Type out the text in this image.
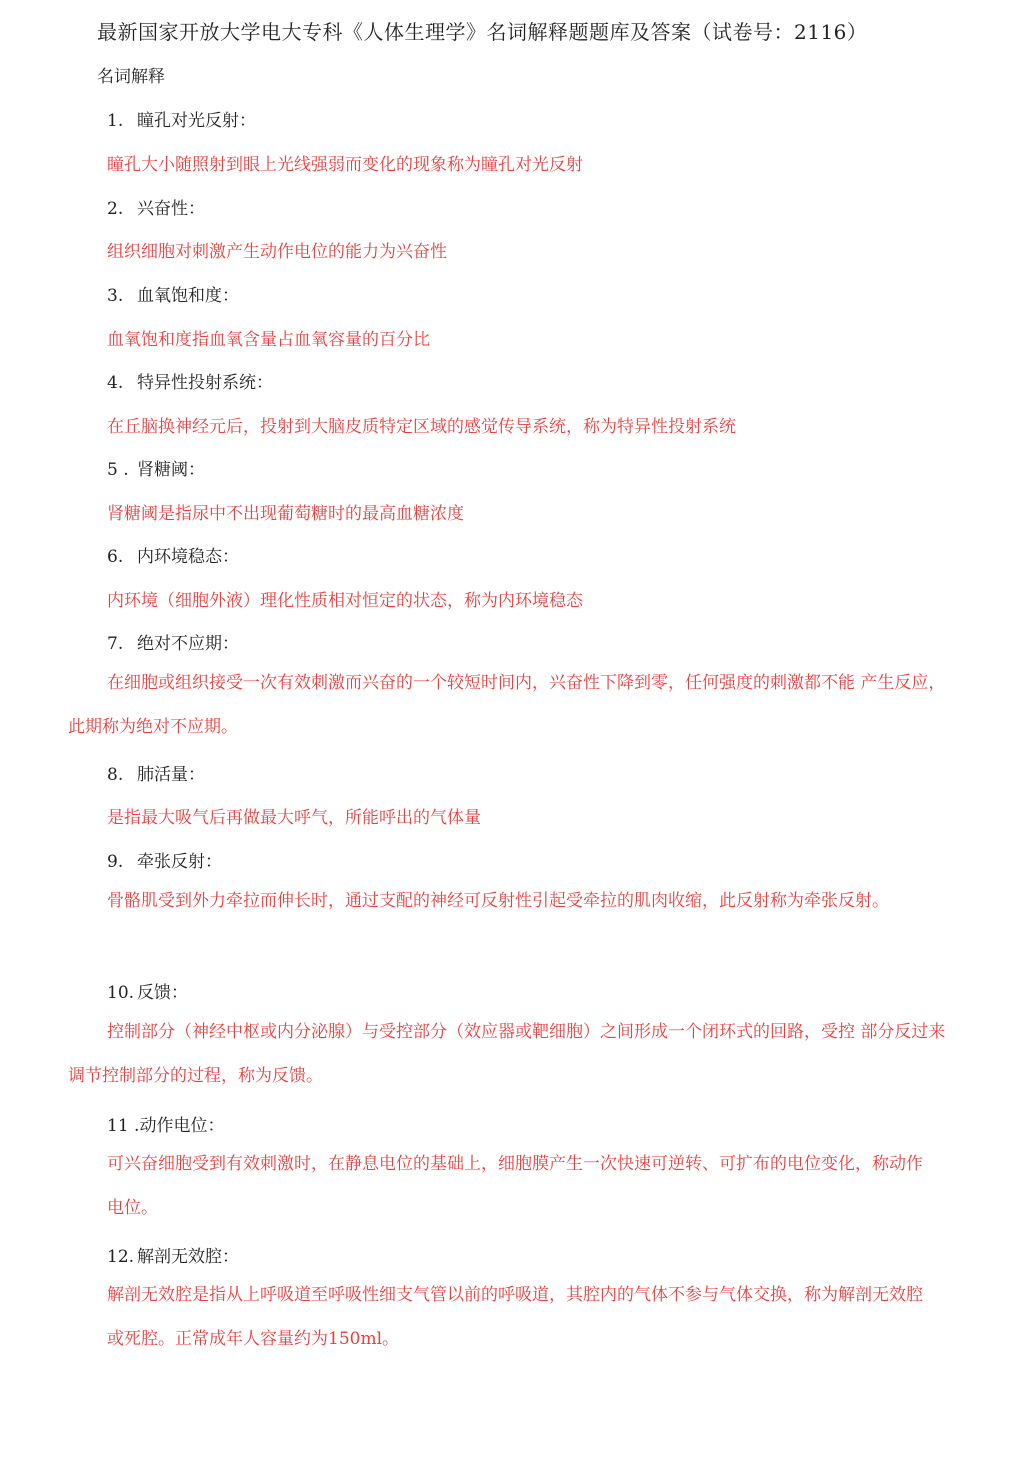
最新国家开放大学电大专科《人体生理学》名词解释题题库及答案（试卷号：2116）
名词解释
1. 瞳孔对光反射：
瞳孔大小随照射到眼上光线强弱而变化的现象称为瞳孔对光反射
2. 兴奋性：
组织细胞对刺激产生动作电位的能力为兴奋性
3. 血氧饱和度：
血氧饱和度指血氧含量占血氧容量的百分比
4. 特异性投射系统：
在丘脑换神经元后，投射到大脑皮质特定区域的感觉传导系统，称为特异性投射系统
5 . 肾糖阈：
肾糖阈是指尿中不出现葡萄糖时的最高血糖浓度
6. 内环境稳态：
内环境（细胞外液）理化性质相对恒定的状态，称为内环境稳态
7. 绝对不应期：
在细胞或组织接受一次有效刺激而兴奋的一个较短时间内，兴奋性下降到零，任何强度的刺激都不能 产生反应，此期称为绝对不应期。
8. 肺活量：
是指最大吸气后再做最大呼气，所能呼出的气体量
9. 牵张反射：
骨骼肌受到外力牵拉而伸长时，通过支配的神经可反射性引起受牵拉的肌肉收缩，此反射称为牵张反射。
10. 反馈：
控制部分（神经中枢或内分泌腺）与受控部分（效应器或靶细胞）之间形成一个闭环式的回路，受控 部分反过来调节控制部分的过程，称为反馈。
11 .动作电位：
可兴奋细胞受到有效刺激时，在静息电位的基础上，细胞膜产生一次快速可逆转、可扩布的电位变化，称动作电位。
12. 解剖无效腔：
解剖无效腔是指从上呼吸道至呼吸性细支气管以前的呼吸道，其腔内的气体不参与气体交换，称为解剖无效腔或死腔。正常成年人容量约为150ml。
